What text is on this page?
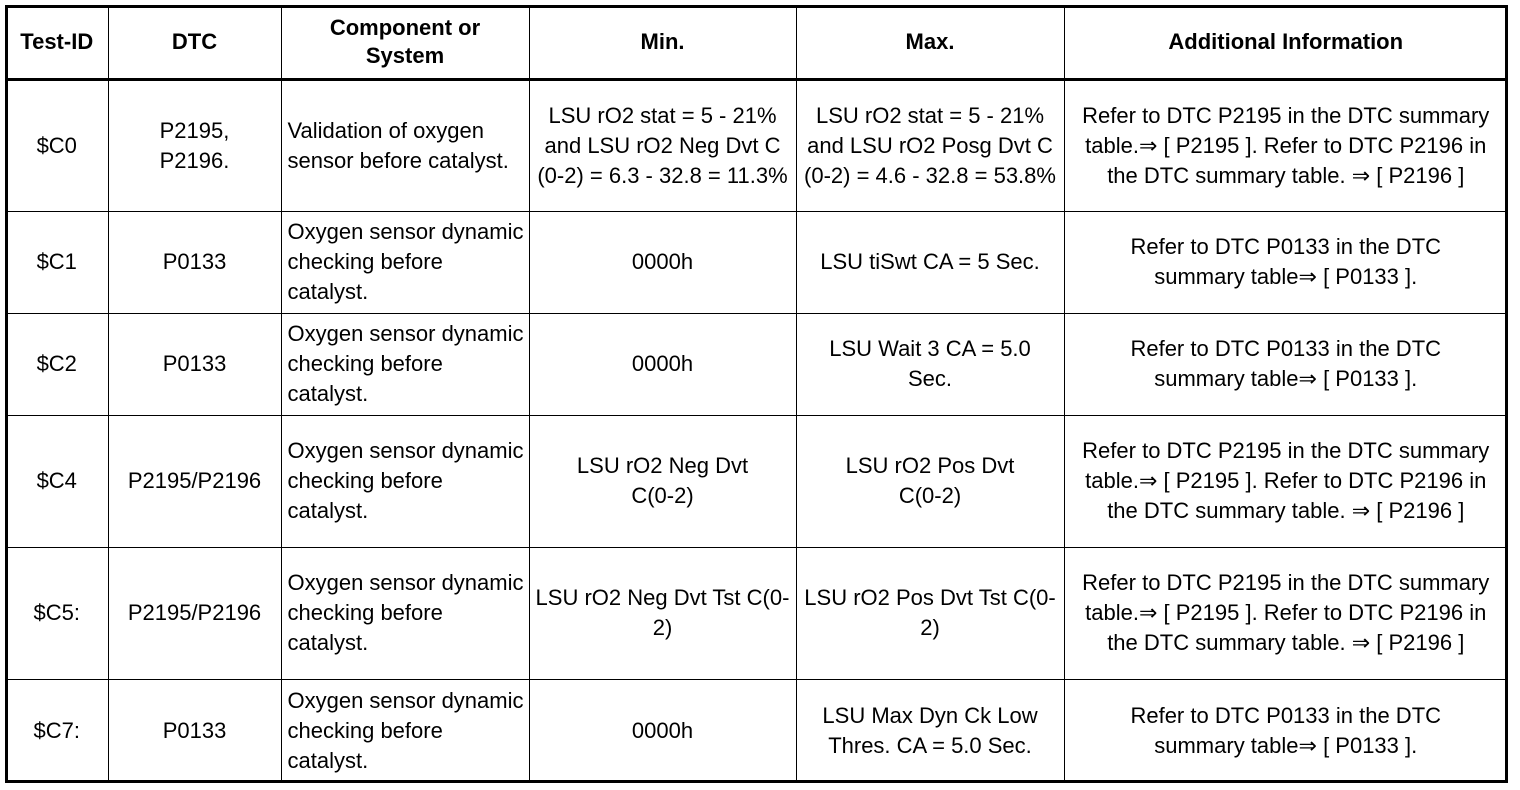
Test-ID	DTC	Component or System	Min.	Max.	Additional Information
$C0	P2195, P2196.	Validation of oxygen sensor before catalyst.	LSU rO2 stat = 5 - 21% and LSU rO2 Neg Dvt C (0-2) = 6.3 - 32.8 = 11.3%	LSU rO2 stat = 5 - 21% and LSU rO2 Posg Dvt C (0-2) = 4.6 - 32.8 = 53.8%	Refer to DTC P2195 in the DTC summary table.⇒ [ P2195 ]. Refer to DTC P2196 in the DTC summary table. ⇒ [ P2196 ]
$C1	P0133	Oxygen sensor dynamic checking before catalyst.	0000h	LSU tiSwt CA = 5 Sec.	Refer to DTC P0133 in the DTC summary table⇒ [ P0133 ].
$C2	P0133	Oxygen sensor dynamic checking before catalyst.	0000h	LSU Wait 3 CA = 5.0 Sec.	Refer to DTC P0133 in the DTC summary table⇒ [ P0133 ].
$C4	P2195/P2196	Oxygen sensor dynamic checking before catalyst.	LSU rO2 Neg Dvt C(0-2)	LSU rO2 Pos Dvt C(0-2)	Refer to DTC P2195 in the DTC summary table.⇒ [ P2195 ]. Refer to DTC P2196 in the DTC summary table. ⇒ [ P2196 ]
$C5:	P2195/P2196	Oxygen sensor dynamic checking before catalyst.	LSU rO2 Neg Dvt Tst C(0-2)	LSU rO2 Pos Dvt Tst C(0-2)	Refer to DTC P2195 in the DTC summary table.⇒ [ P2195 ]. Refer to DTC P2196 in the DTC summary table. ⇒ [ P2196 ]
$C7:	P0133	Oxygen sensor dynamic checking before catalyst.	0000h	LSU Max Dyn Ck Low Thres. CA = 5.0 Sec.	Refer to DTC P0133 in the DTC summary table⇒ [ P0133 ].
